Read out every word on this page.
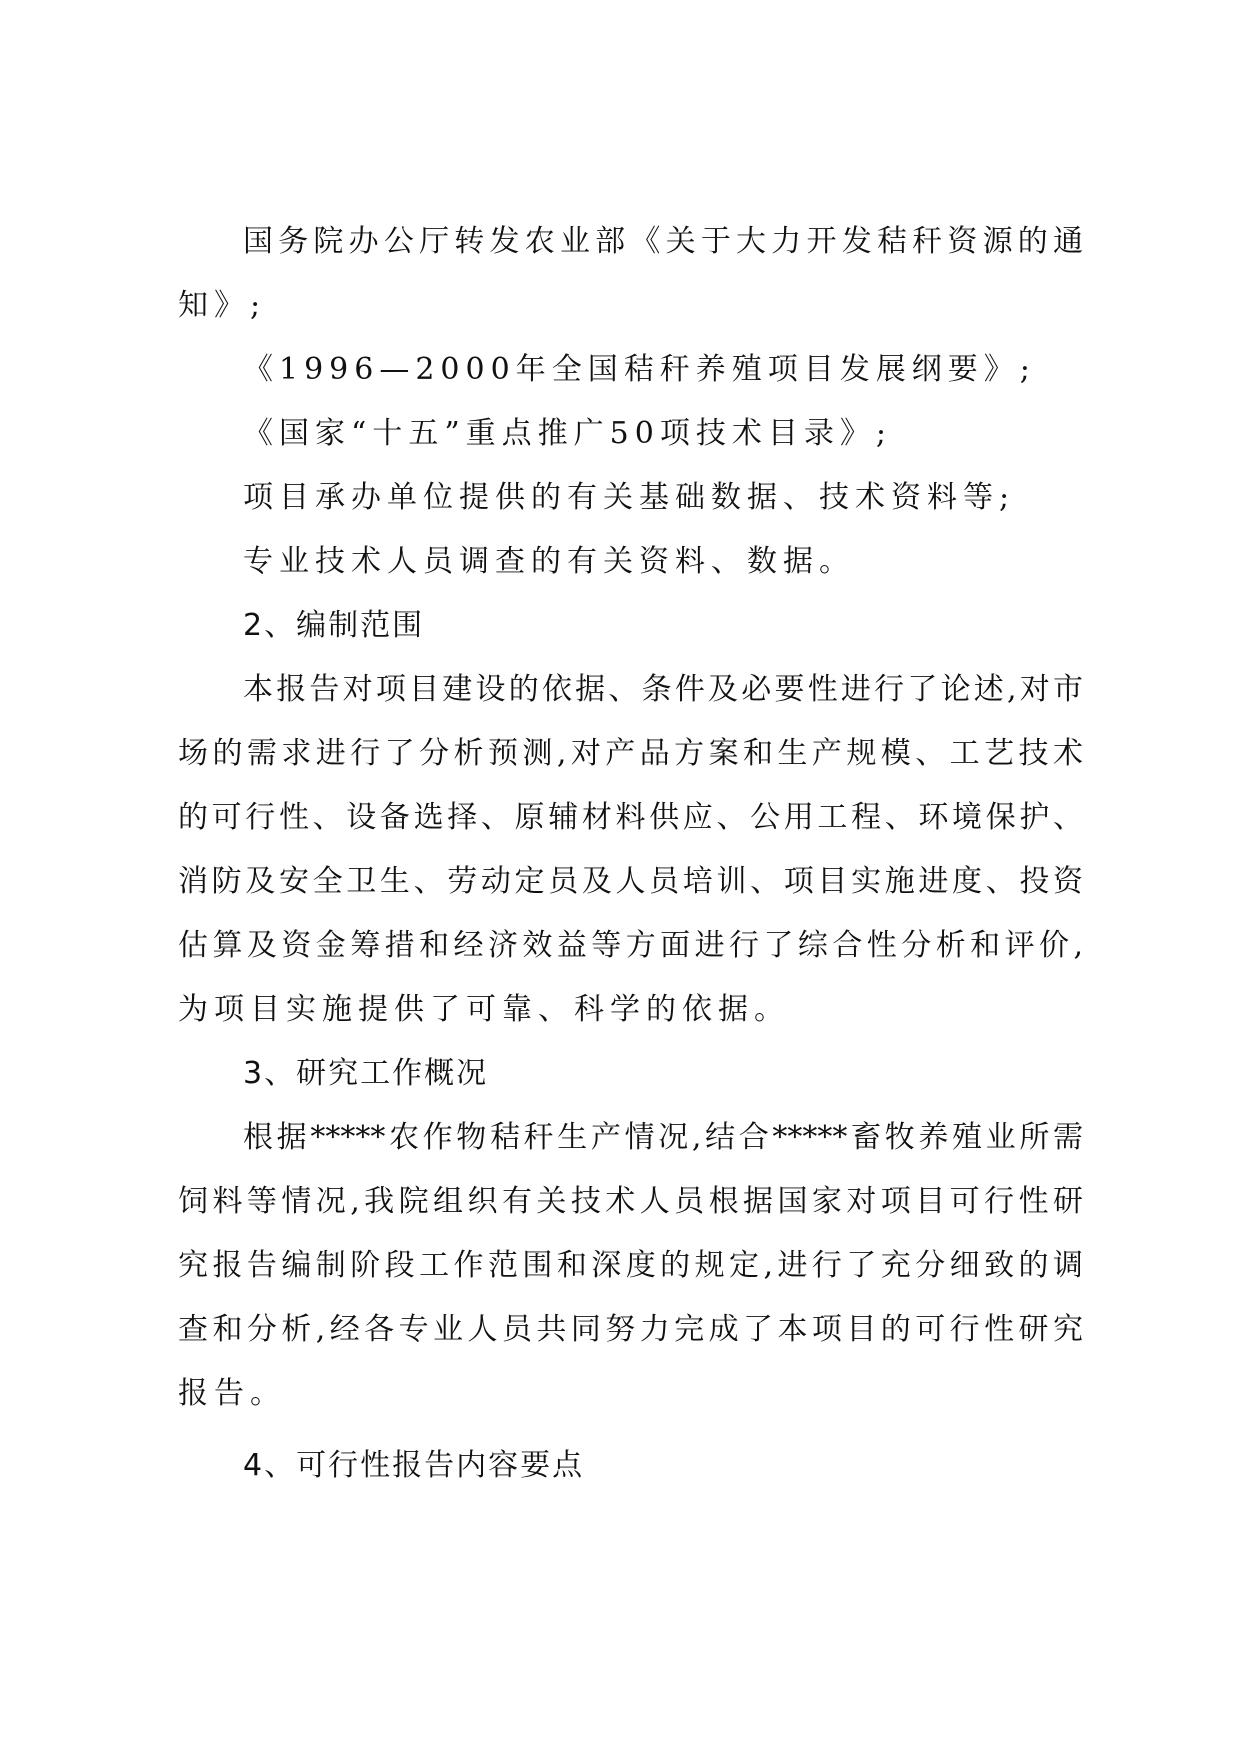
国务院办公厅转发农业部《关于大力开发秸秆资源的通
知》;
《1996—2000年全国秸秆养殖项目发展纲要》;
《国家“十五”重点推广50项技术目录》;
项目承办单位提供的有关基础数据、技术资料等;
专业技术人员调查的有关资料、数据。
2、编制范围
本报告对项目建设的依据、条件及必要性进行了论述,对市
场的需求进行了分析预测,对产品方案和生产规模、工艺技术
的可行性、设备选择、原辅材料供应、公用工程、环境保护、
消防及安全卫生、劳动定员及人员培训、项目实施进度、投资
估算及资金筹措和经济效益等方面进行了综合性分析和评价,
为项目实施提供了可靠、科学的依据。
3、研究工作概况
根据*****农作物秸秆生产情况,结合*****畜牧养殖业所需
饲料等情况,我院组织有关技术人员根据国家对项目可行性研
究报告编制阶段工作范围和深度的规定,进行了充分细致的调
查和分析,经各专业人员共同努力完成了本项目的可行性研究
报告。
4、可行性报告内容要点
